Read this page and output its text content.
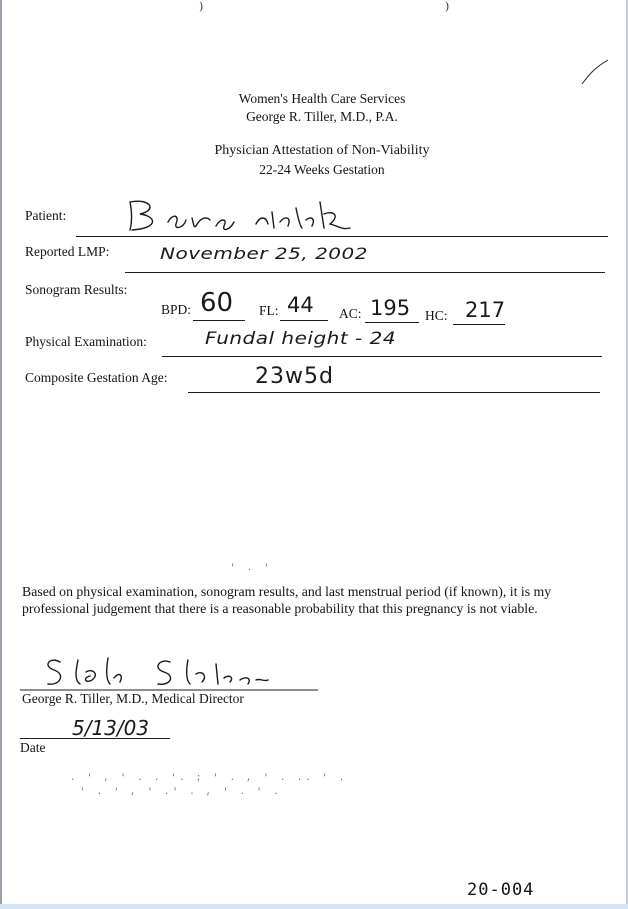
)	)
Women's Health Care Services
George R. Tiller, M.D., P.A.
Physician Attestation of Non-Viability
22-24 Weeks Gestation
Patient:
Reported LMP:	November 25, 2002
Sonogram Results:
BPD: 60 FL: 44 AC: 195 HC: 217
Physical Examination:	Fundal height - 24
Composite Gestation Age:	23w5d
' . '
Based on physical examination, sonogram results, and last menstrual period (if known), it is my professional judgement that there is a reasonable probability that this pregnancy is not viable.
George R. Tiller, M.D., Medical Director
5/13/03
Date
. ' , ' . . '. ; ' . , ' . .. ' .
' . ' , ' .' . , ' . ' .
20-004
